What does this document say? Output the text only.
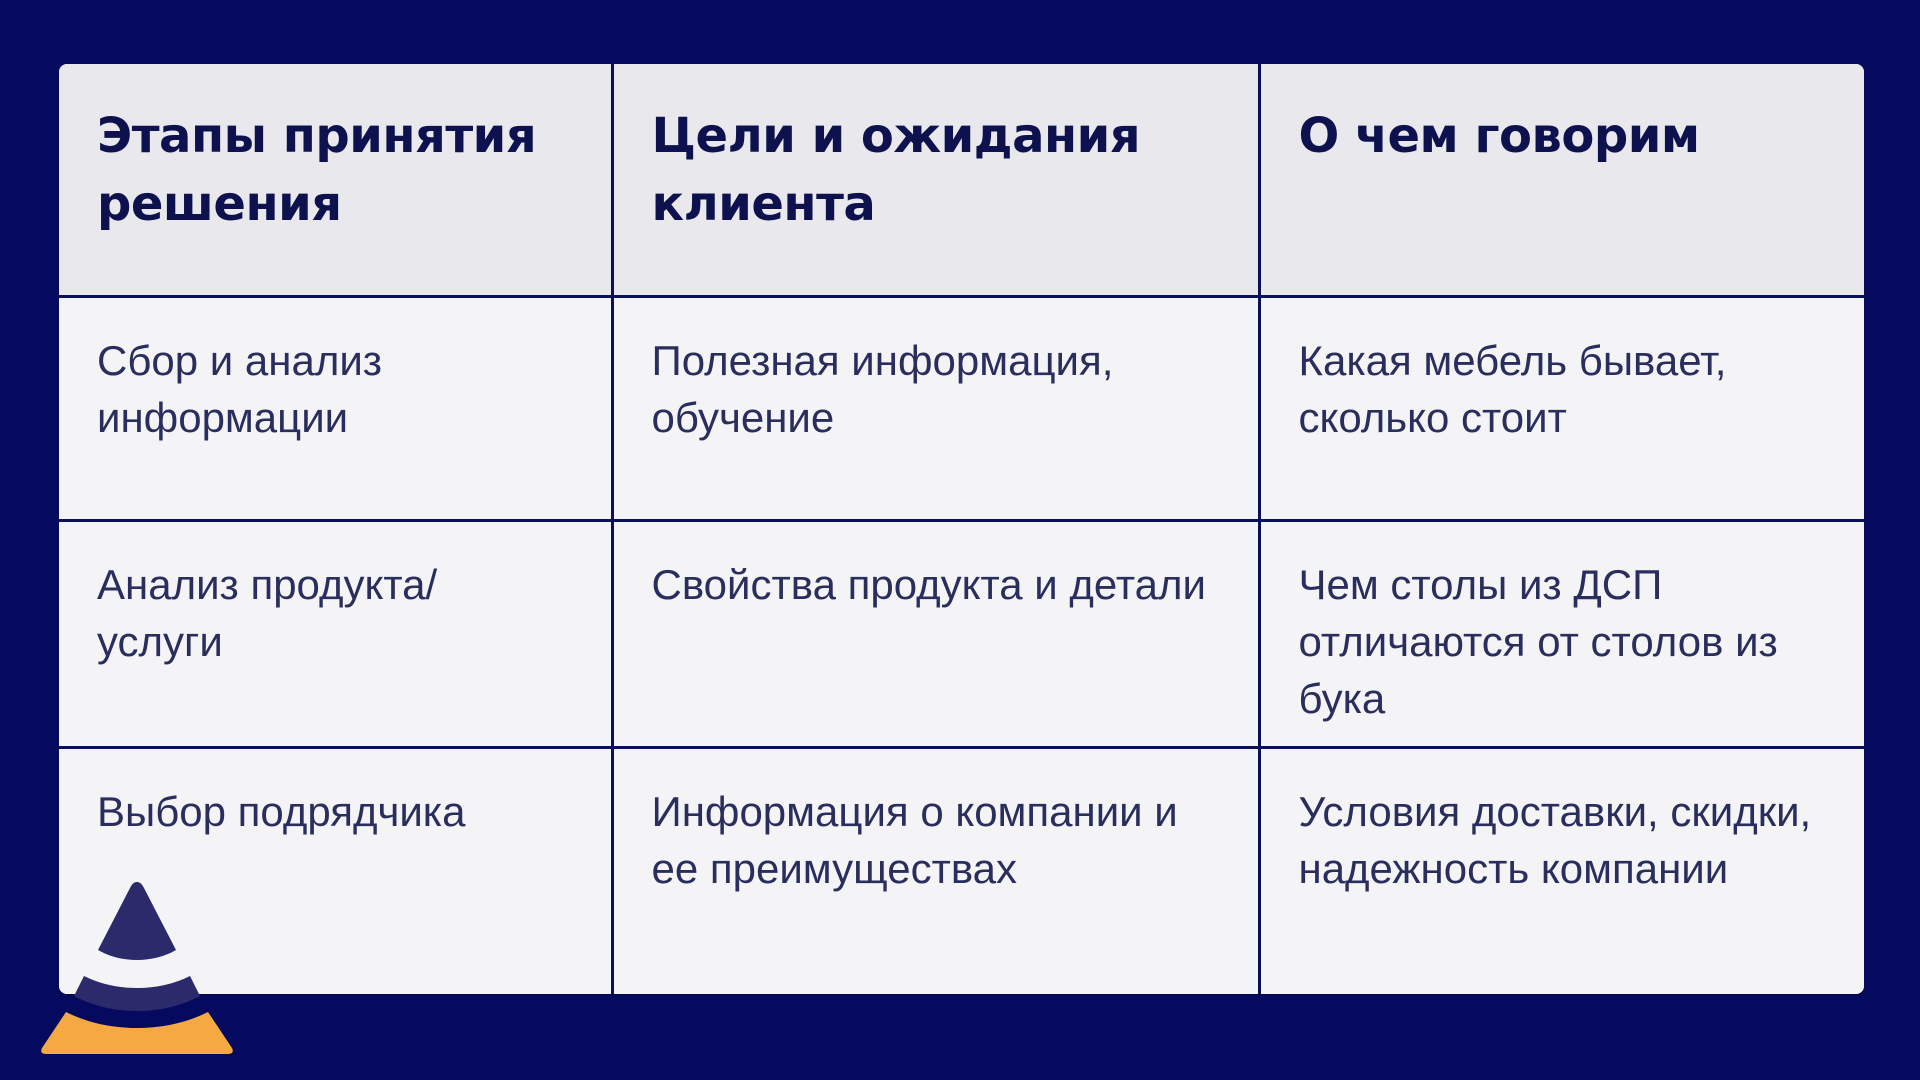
Этапы принятия решения	Цели и ожидания клиента	О чем говорим
Сбор и анализ информации	Полезная информация, обучение	Какая мебель бывает, сколько стоит
Анализ продукта/ услуги	Свойства продукта и детали	Чем столы из ДСП отличаются от столов из бука
Выбор подрядчика	Информация о компании и ее преимуществах	Условия доставки, скидки, надежность компании
